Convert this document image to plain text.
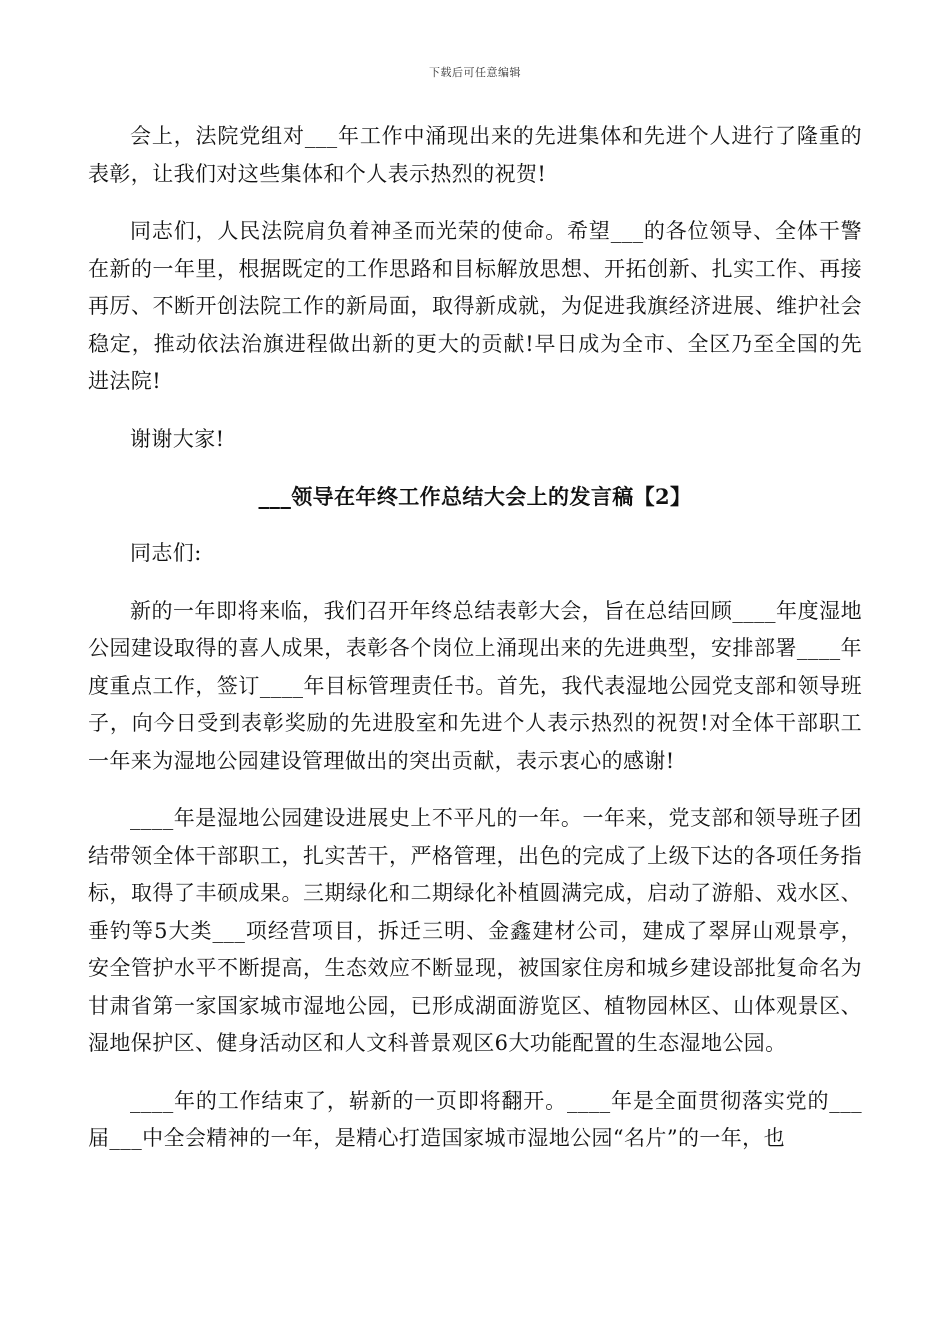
下载后可任意编辑

会上，法院党组对___年工作中涌现出来的先进集体和先进个人进行了隆重的表彰，让我们对这些集体和个人表示热烈的祝贺!

同志们，人民法院肩负着神圣而光荣的使命。希望___的各位领导、全体干警在新的一年里，根据既定的工作思路和目标解放思想、开拓创新、扎实工作、再接再厉、不断开创法院工作的新局面，取得新成就，为促进我旗经济进展、维护社会稳定，推动依法治旗进程做出新的更大的贡献!早日成为全市、全区乃至全国的先进法院!

谢谢大家!

___领导在年终工作总结大会上的发言稿【2】

同志们:

新的一年即将来临，我们召开年终总结表彰大会，旨在总结回顾____年度湿地公园建设取得的喜人成果，表彰各个岗位上涌现出来的先进典型，安排部署____年度重点工作，签订____年目标管理责任书。首先，我代表湿地公园党支部和领导班子，向今日受到表彰奖励的先进股室和先进个人表示热烈的祝贺!对全体干部职工一年来为湿地公园建设管理做出的突出贡献，表示衷心的感谢!

____年是湿地公园建设进展史上不平凡的一年。一年来，党支部和领导班子团结带领全体干部职工，扎实苦干，严格管理，出色的完成了上级下达的各项任务指标，取得了丰硕成果。三期绿化和二期绿化补植圆满完成，启动了游船、戏水区、垂钓等5大类___项经营项目，拆迁三明、金鑫建材公司，建成了翠屏山观景亭，安全管护水平不断提高，生态效应不断显现，被国家住房和城乡建设部批复命名为甘肃省第一家国家城市湿地公园，已形成湖面游览区、植物园林区、山体观景区、湿地保护区、健身活动区和人文科普景观区6大功能配置的生态湿地公园。

____年的工作结束了，崭新的一页即将翻开。____年是全面贯彻落实党的___届___中全会精神的一年，是精心打造国家城市湿地公园“名片”的一年，也
